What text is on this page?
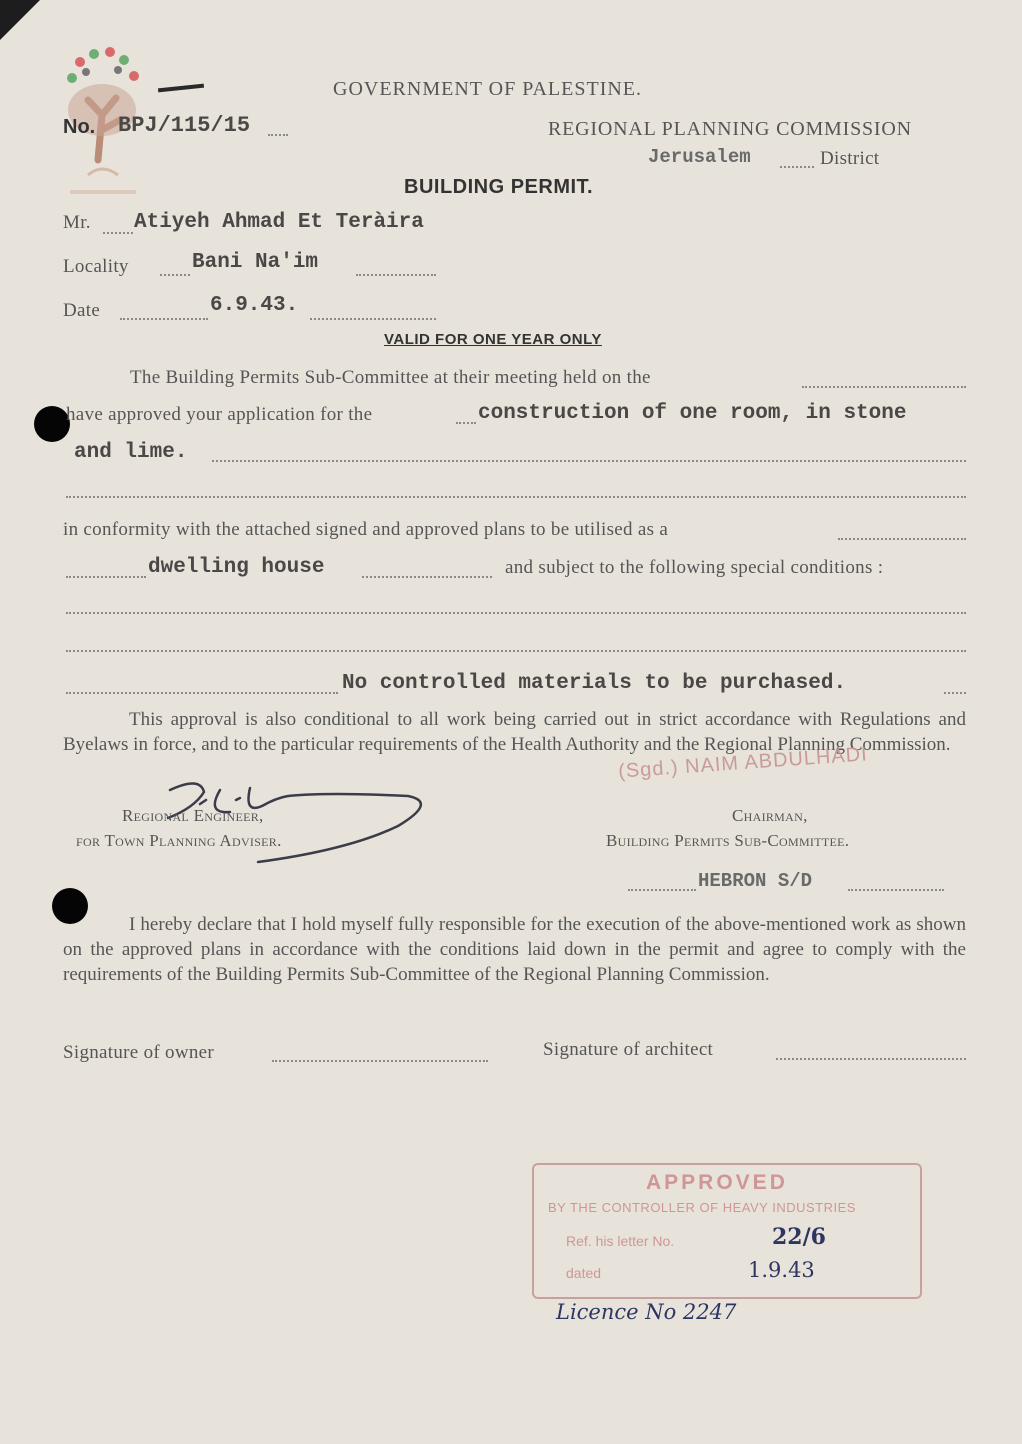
GOVERNMENT OF PALESTINE.
REGIONAL PLANNING COMMISSION
No. BPJ/115/15
Jerusalem	District
BUILDING PERMIT.
Mr. Atiyeh Ahmad Et Teràira
Locality	Bani Na'im
Date	6.9.43.
VALID FOR ONE YEAR ONLY
The Building Permits Sub-Committee at their meeting held on the
have approved your application for the	construction of one room, in stone
and lime.
in conformity with the attached signed and approved plans to be utilised as a
dwelling house	and subject to the following special conditions :
No controlled materials to be purchased.
This approval is also conditional to all work being carried out in strict accordance with Regulations and Byelaws in force, and to the particular requirements of the Health Authority and the Regional Planning Commission.
(Sgd.) NAIM ABDULHADI
Regional Engineer,
for Town Planning Adviser.
Chairman,
Building Permits Sub-Committee.
HEBRON S/D
I hereby declare that I hold myself fully responsible for the execution of the above-mentioned work as shown on the approved plans in accordance with the conditions laid down in the permit and agree to comply with the requirements of the Building Permits Sub-Committee of the Regional Planning Commission.
Signature of owner	Signature of architect
APPROVED
BY THE CONTROLLER OF HEAVY INDUSTRIES
Ref. his letter No.	22/6
dated	1.9.43
Licence No 2247
